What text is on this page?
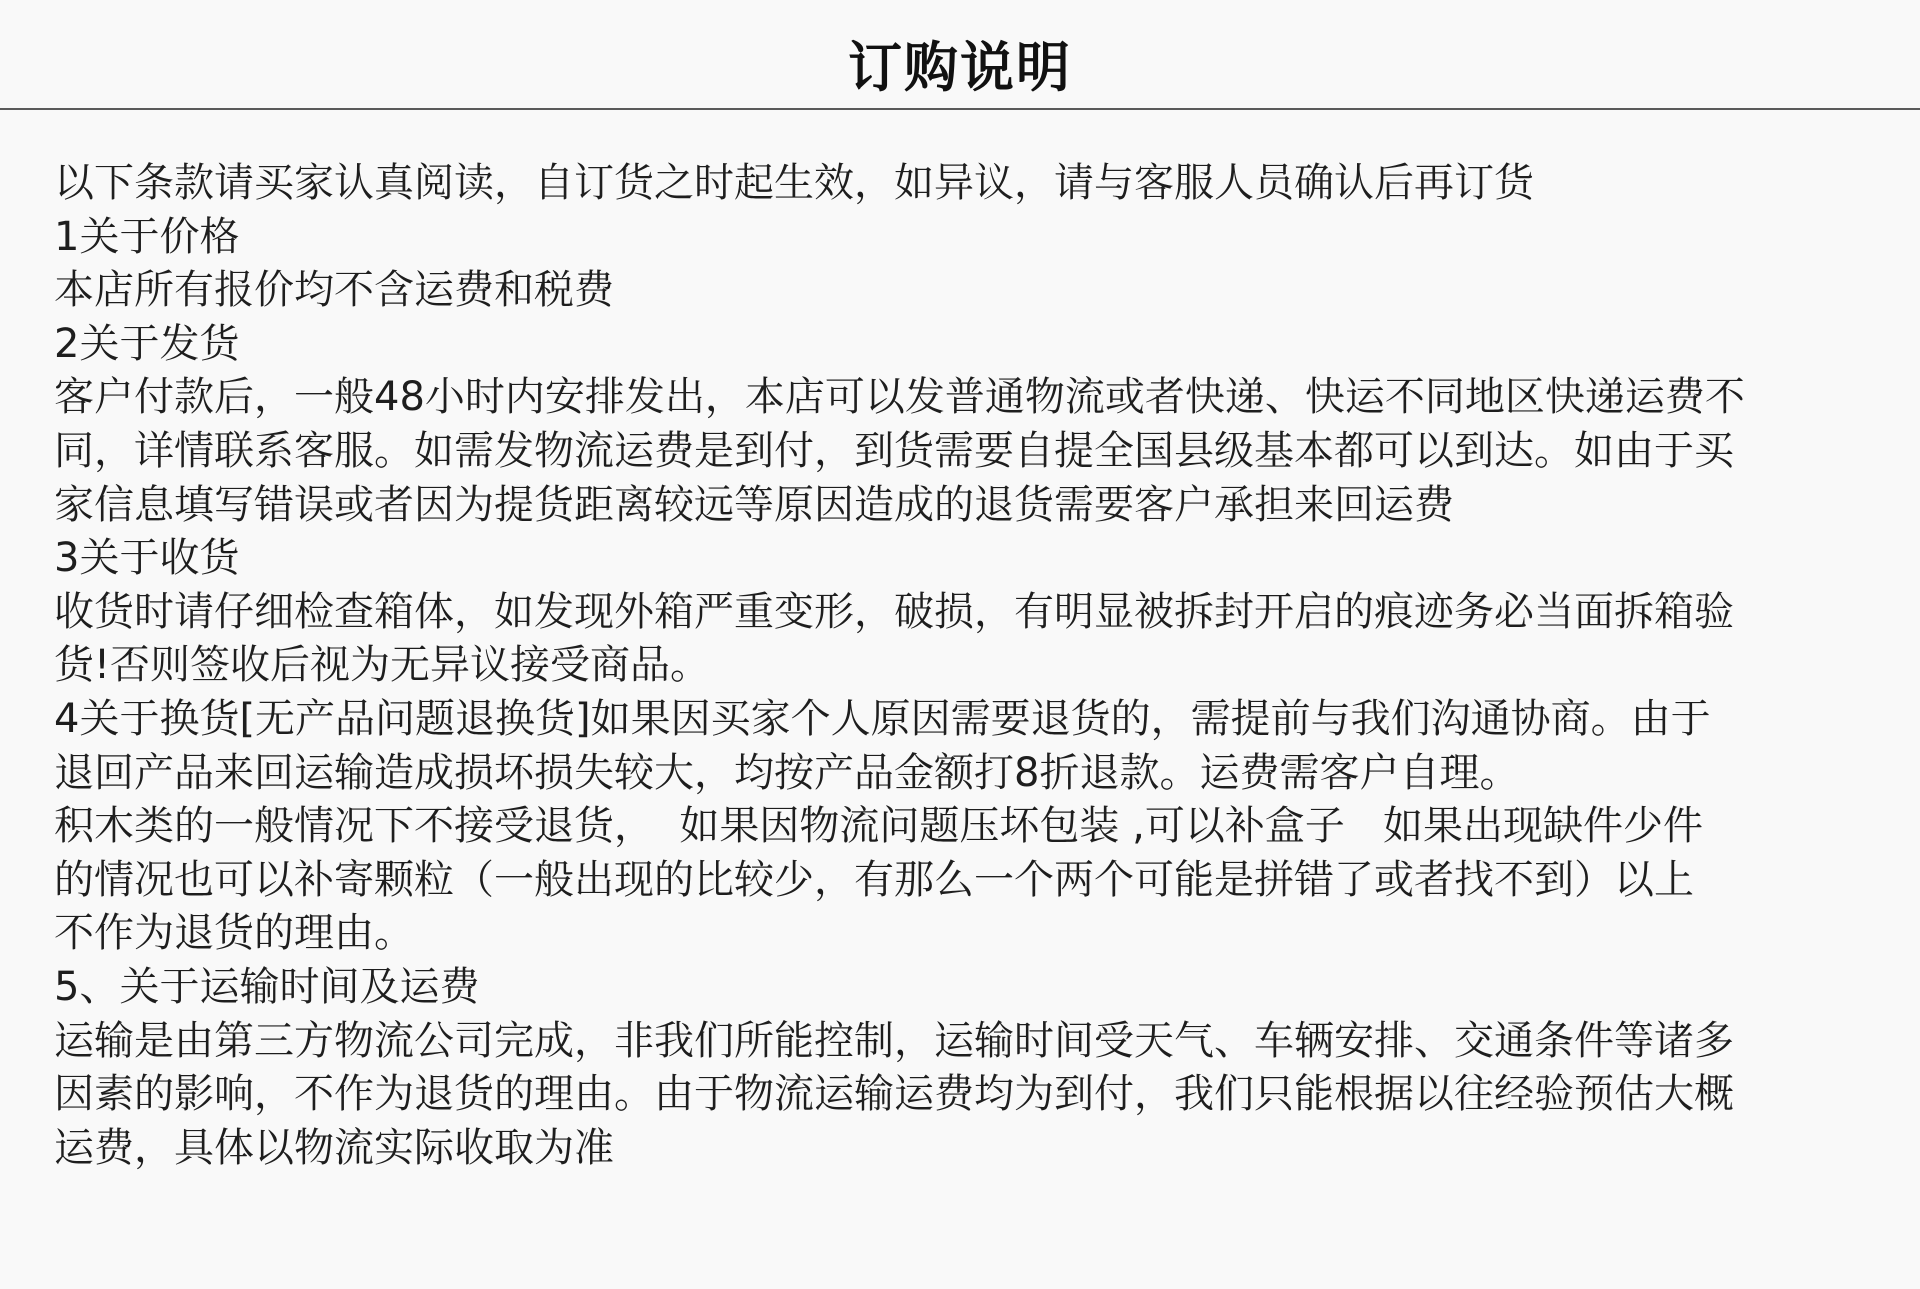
订购说明
以下条款请买家认真阅读，自订货之时起生效，如异议，请与客服人员确认后再订货
1关于价格
本店所有报价均不含运费和税费
2关于发货
客户付款后，一般48小时内安排发出，本店可以发普通物流或者快递、快运不同地区快递运费不
同，详情联系客服。如需发物流运费是到付，到货需要自提全国县级基本都可以到达。如由于买
家信息填写错误或者因为提货距离较远等原因造成的退货需要客户承担来回运费
3关于收货
收货时请仔细检查箱体，如发现外箱严重变形，破损，有明显被拆封开启的痕迹务必当面拆箱验
货!否则签收后视为无异议接受商品。
4关于换货[无产品问题退换货]如果因买家个人原因需要退货的，需提前与我们沟通协商。由于
退回产品来回运输造成损坏损失较大，均按产品金额打8折退款。运费需客户自理。
积木类的一般情况下不接受退货，  如果因物流问题压坏包装 ,可以补盒子   如果出现缺件少件
的情况也可以补寄颗粒（一般出现的比较少，有那么一个两个可能是拼错了或者找不到）以上
不作为退货的理由。
5、关于运输时间及运费
运输是由第三方物流公司完成，非我们所能控制，运输时间受天气、车辆安排、交通条件等诸多
因素的影响，不作为退货的理由。由于物流运输运费均为到付，我们只能根据以往经验预估大概
运费，具体以物流实际收取为准
